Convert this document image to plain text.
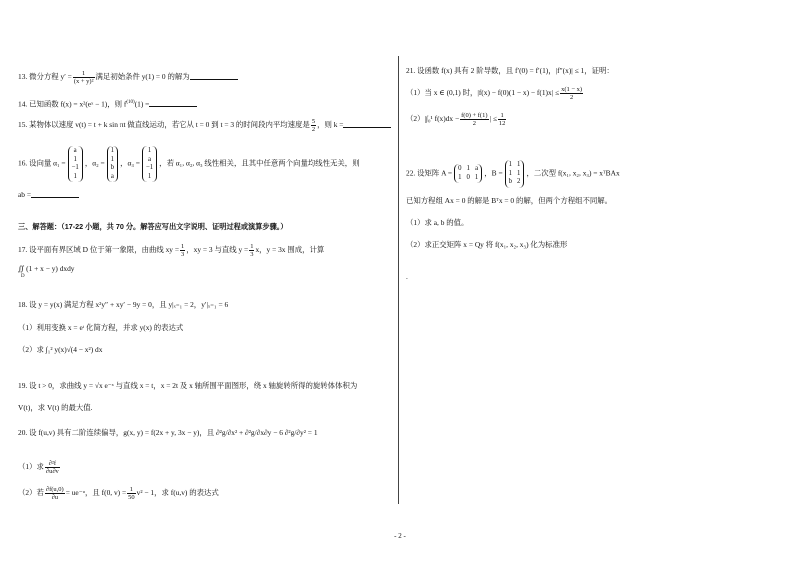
13. 微分方程 $y' = \frac{1}{\text{(x + y)²}}$ 满足初始条件 y(1) = 0 的解为
14. 已知函数 f(x) = x²(eˣ − 1)，则 $f^{(10)}(1)$ =
15. 某物体以速度 v(t) = t + k sin πt 做直线运动，若它从 t = 0 到 t = 3 的时间段内平均速度是 $\frac{5}{2}$ ，则 k =
16. 设向量 α₁ =a
1
−1
1，α₂ =1
1
b
a，α₃ =1
a
−1
1，若 α₁, α₂, α₃ 线性相关，且其中任意两个向量均线性无关，则
ab =
三、解答题：（17-22 小题，共 70 分。解答应写出文字说明、证明过程或演算步骤。）
17. 设平面有界区域 D 位于第一象限，由曲线 xy = $\frac{1}{3}$ ，xy = 3 与直线 $y = \frac{1}{3}$ x，y = 3x 围成，计算
∬ (1 + x − y) dxdy
D
18. 设 y = y(x) 满足方程 x²y″ + xy′ − 9y = 0，且 y|ₓ₌₁ = 2，y′|ₓ₌₁ = 6
（1）利用变换 x = eᵗ 化简方程，并求 y(x) 的表达式
（2）求 ∫₁² y(x)√(4 − x²) dx
19. 设 t > 0，求曲线 y = √x e⁻ˣ 与直线 x = t，x = 2t 及 x 轴所围平面图形，绕 x 轴旋转所得的旋转体体积为
V(t)，求 V(t) 的最大值.
20. 设 f(u,v) 具有二阶连续偏导，g(x, y) = f(2x + y, 3x − y)，且 ∂²g/∂x² + ∂²g/∂x∂y − 6 ∂²g/∂y² = 1
（1）求 $\frac{\text{∂²f}}{\partial u\partial v}$
（2）若 $\frac{\partial f(u,0)}{\partial u}$ = ue⁻ᵘ，且 f(0, $v) = \frac{1}{50} v^2 - 1$，求 f(u,v) 的表达式
21. 设函数 f(x) 具有 2 阶导数，且 f′(0) = f′(1)，|f″(x)| ≤ 1，证明：
（1）当 x ∈ (0,1) 时，$|f(x) - f(0)(1 - x) - f(1)x| \le \frac{x(1 - x)}{2}$
（2）|∫₀¹ $f(x)dx - \frac{f(0) + f(1)}{2}$ | ≤ $\frac{1}{12}$
22. 设矩阵 A = 0 1 a
1 0 1 ，B =
1 1
1 1
b 2
，二次型 f(x₁, x₂, x₃) = xᵀBAx
已知方程组 Ax = 0 的解是 Bᵀx = 0 的解，但两个方程组不同解。
（1）求 a, b 的值。
（2）求正交矩阵 x = Qy 将 f(x₁, x₂, x₃) 化为标准形
.
- 2 -
